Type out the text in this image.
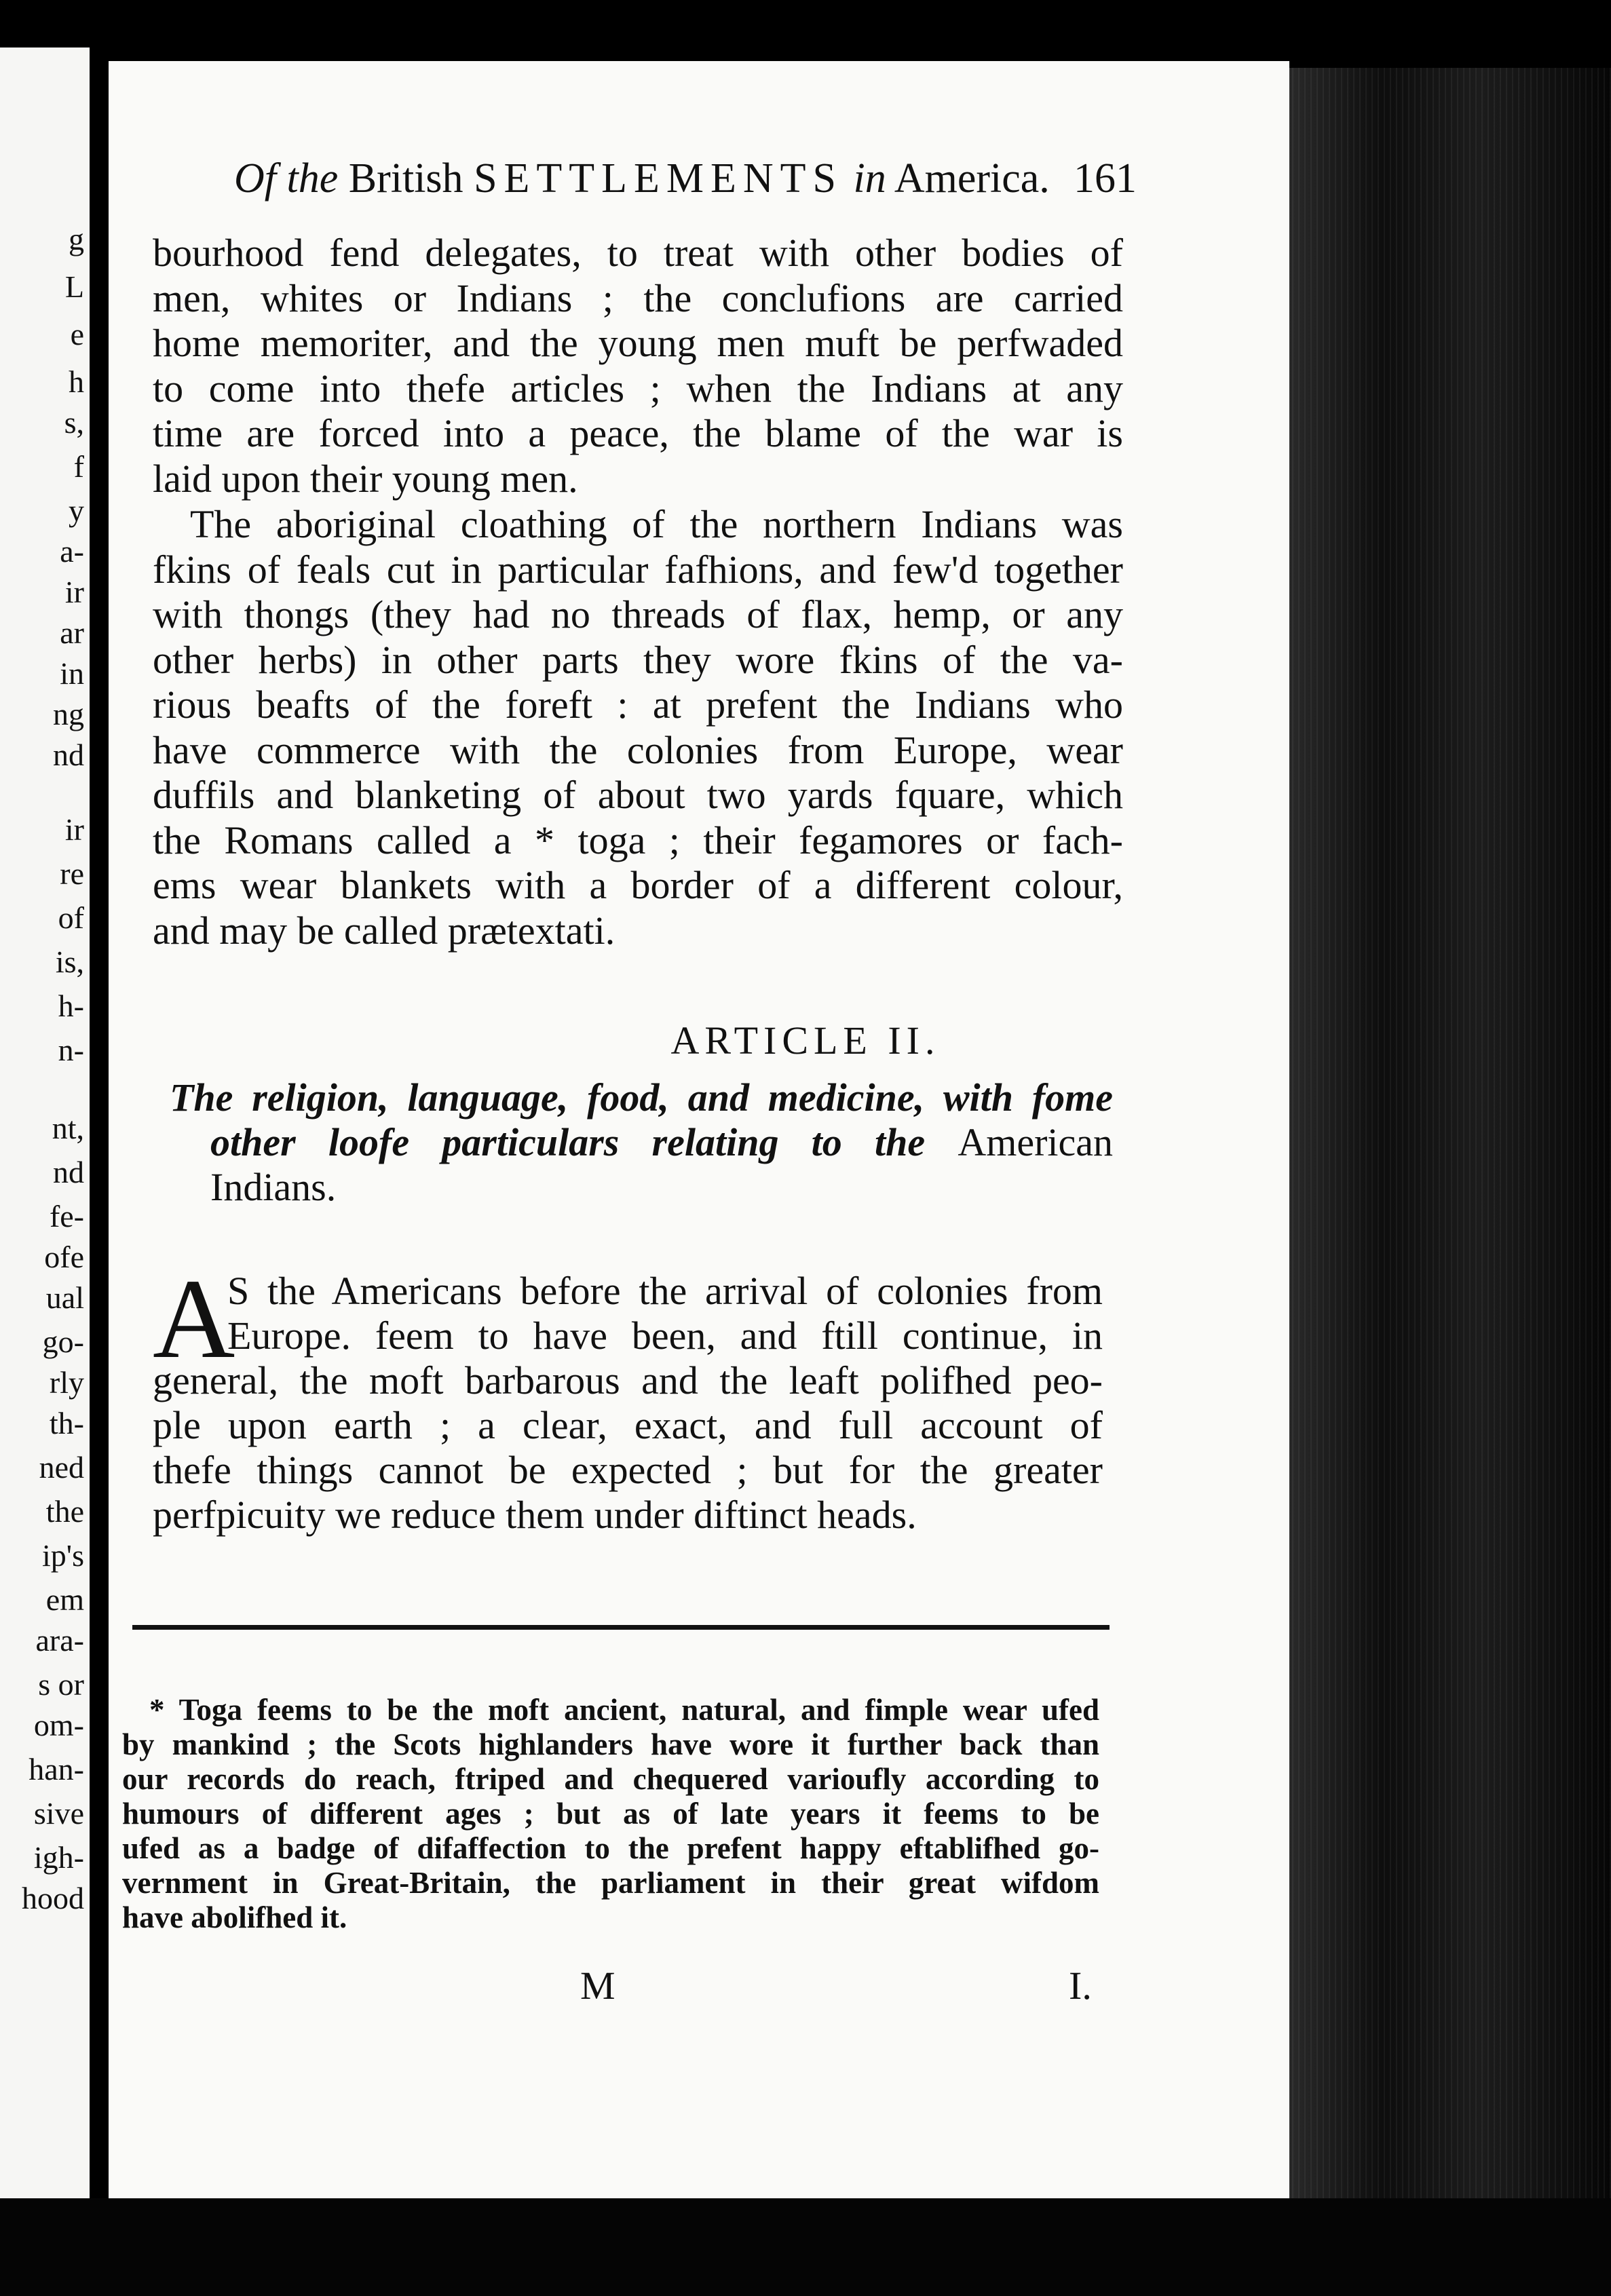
g
L
e
h
s,
f
y
a-
ir
ar
in
ng
nd
ir
re
of
is,
h-
n-
nt,
nd
fe-
ofe
ual
go-
rly
th-
ned
the
ip's
em
ara-
s or
om-
han-
sive
igh-
hood
Of the British SETTLEMENTS in America. 161
bourhood fend delegates, to treat with other bodies of
men, whites or Indians ; the conclufions are carried
home memoriter, and the young men muft be perfwaded
to come into thefe articles ; when the Indians at any
time are forced into a peace, the blame of the war is
laid upon their young men.
The aboriginal cloathing of the northern Indians was
fkins of feals cut in particular fafhions, and few'd together
with thongs (they had no threads of flax, hemp, or any
other herbs) in other parts they wore fkins of the va-
rious beafts of the foreft : at prefent the Indians who
have commerce with the colonies from Europe, wear
duffils and blanketing of about two yards fquare, which
the Romans called a * toga ; their fegamores or fach-
ems wear blankets with a border of a different colour,
and may be called prætextati.
ARTICLE II.
The religion, language, food, and medicine, with fome
other loofe particulars relating to the American
Indians.
A
S the Americans before the arrival of colonies from
Europe. feem to have been, and ftill continue, in
general, the moft barbarous and the leaft polifhed peo-
ple upon earth ; a clear, exact, and full account of
thefe things cannot be expected ; but for the greater
perfpicuity we reduce them under diftinct heads.
* Toga feems to be the moft ancient, natural, and fimple wear ufed
by mankind ; the Scots highlanders have wore it further back than
our records do reach, ftriped and chequered varioufly according to
humours of different ages ; but as of late years it feems to be
ufed as a badge of difaffection to the prefent happy eftablifhed go-
vernment in Great-Britain, the parliament in their great wifdom
have abolifhed it.
M	I.
